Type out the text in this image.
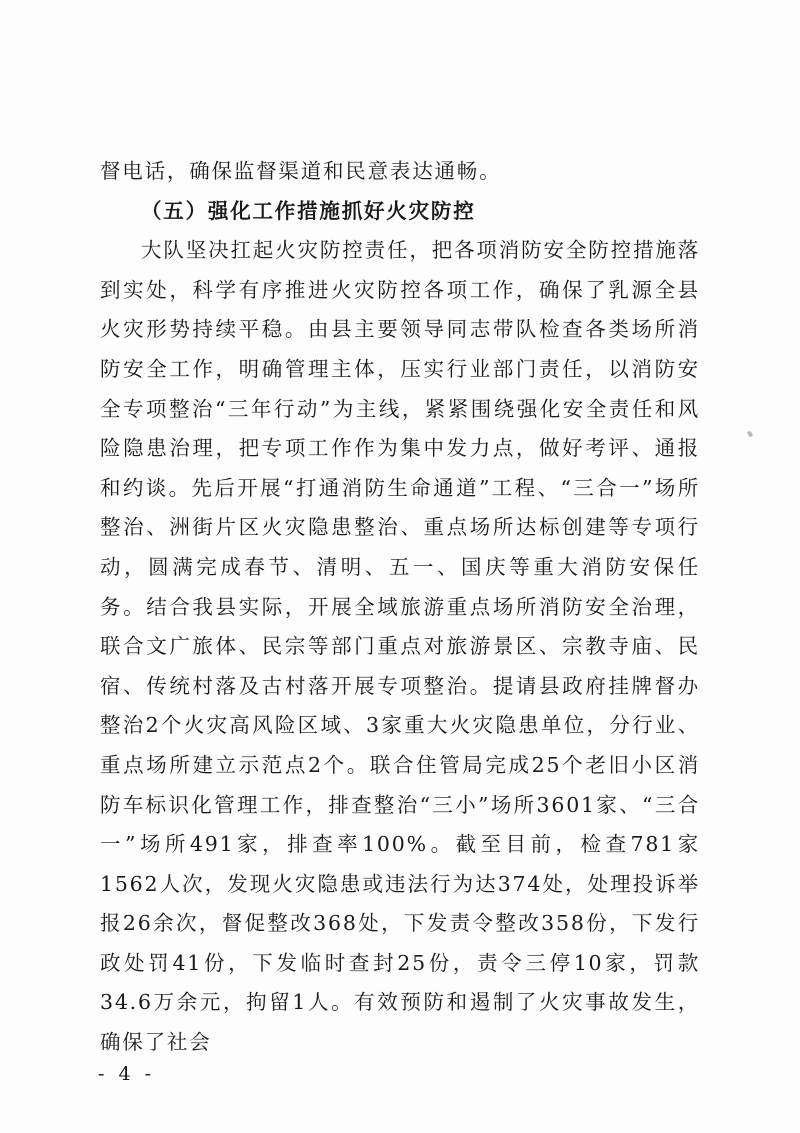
督电话，确保监督渠道和民意表达通畅。

（五）强化工作措施抓好火灾防控

大队坚决扛起火灾防控责任，把各项消防安全防控措施落到实处，科学有序推进火灾防控各项工作，确保了乳源全县火灾形势持续平稳。由县主要领导同志带队检查各类场所消防安全工作，明确管理主体，压实行业部门责任，以消防安全专项整治“三年行动”为主线，紧紧围绕强化安全责任和风险隐患治理，把专项工作作为集中发力点，做好考评、通报和约谈。先后开展“打通消防生命通道”工程、“三合一”场所整治、洲街片区火灾隐患整治、重点场所达标创建等专项行动，圆满完成春节、清明、五一、国庆等重大消防安保任务。结合我县实际，开展全域旅游重点场所消防安全治理，联合文广旅体、民宗等部门重点对旅游景区、宗教寺庙、民宿、传统村落及古村落开展专项整治。提请县政府挂牌督办整治2个火灾高风险区域、3家重大火灾隐患单位，分行业、重点场所建立示范点2个。联合住管局完成25个老旧小区消防车标识化管理工作，排查整治“三小”场所3601家、“三合一”场所491家，排查率100%。截至目前，检查781家1562人次，发现火灾隐患或违法行为达374处，处理投诉举报26余次，督促整改368处，下发责令整改358份，下发行政处罚41份，下发临时查封25份，责令三停10家，罚款34.6万余元，拘留1人。有效预防和遏制了火灾事故发生，确保了社会

- 4 -
